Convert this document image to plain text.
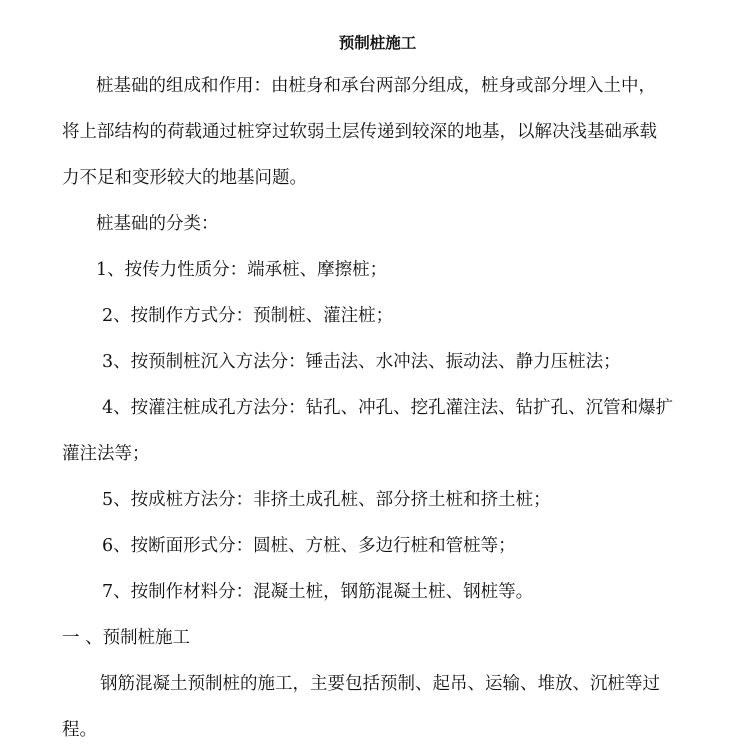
预制桩施工
桩基础的组成和作用：由桩身和承台两部分组成，桩身或部分埋入土中，
将上部结构的荷载通过桩穿过软弱土层传递到较深的地基，以解决浅基础承载
力不足和变形较大的地基问题。
桩基础的分类：
1、按传力性质分：端承桩、摩擦桩；
2、按制作方式分：预制桩、灌注桩；
3、按预制桩沉入方法分：锤击法、水冲法、振动法、静力压桩法；
4、按灌注桩成孔方法分：钻孔、冲孔、挖孔灌注法、钻扩孔、沉管和爆扩
灌注法等；
5、按成桩方法分：非挤土成孔桩、部分挤土桩和挤土桩；
6、按断面形式分：圆桩、方桩、多边行桩和管桩等；
7、按制作材料分：混凝土桩，钢筋混凝土桩、钢桩等。
一 、预制桩施工
钢筋混凝土预制桩的施工，主要包括预制、起吊、运输、堆放、沉桩等过
程。
